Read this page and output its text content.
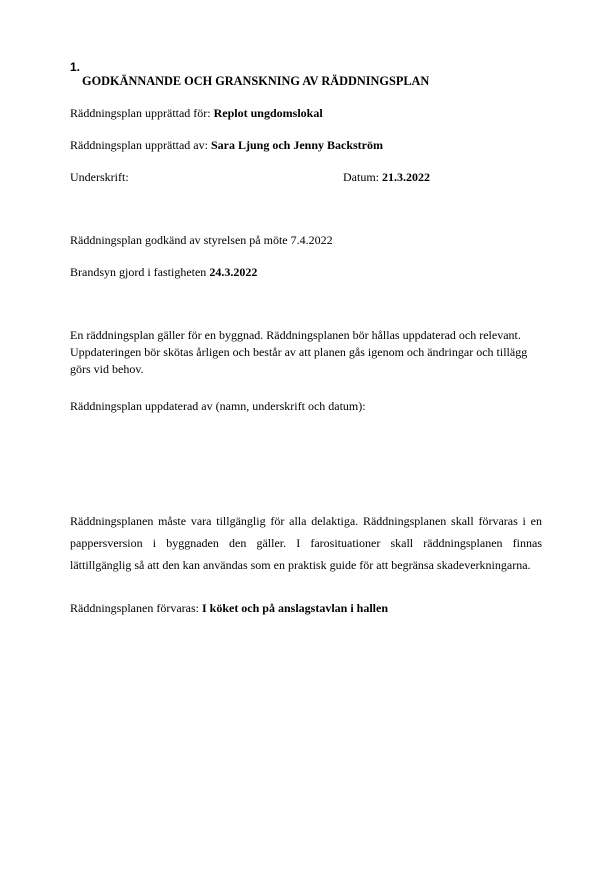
1.
GODKÄNNANDE OCH GRANSKNING AV RÄDDNINGSPLAN
Räddningsplan upprättad för: Replot ungdomslokal
Räddningsplan upprättad av: Sara Ljung och Jenny Backström
Underskrift:	Datum: 21.3.2022
Räddningsplan godkänd av styrelsen på möte 7.4.2022
Brandsyn gjord i fastigheten 24.3.2022
En räddningsplan gäller för en byggnad. Räddningsplanen bör hållas uppdaterad och relevant.
Uppdateringen bör skötas årligen och består av att planen gås igenom och ändringar och tillägg
görs vid behov.
Räddningsplan uppdaterad av (namn, underskrift och datum):
Räddningsplanen måste vara tillgänglig för alla delaktiga. Räddningsplanen skall förvaras i en pappersversion i byggnaden den gäller. I farosituationer skall räddningsplanen finnas lättillgänglig så att den kan användas som en praktisk guide för att begränsa skadeverkningarna.
Räddningsplanen förvaras: I köket och på anslagstavlan i hallen
